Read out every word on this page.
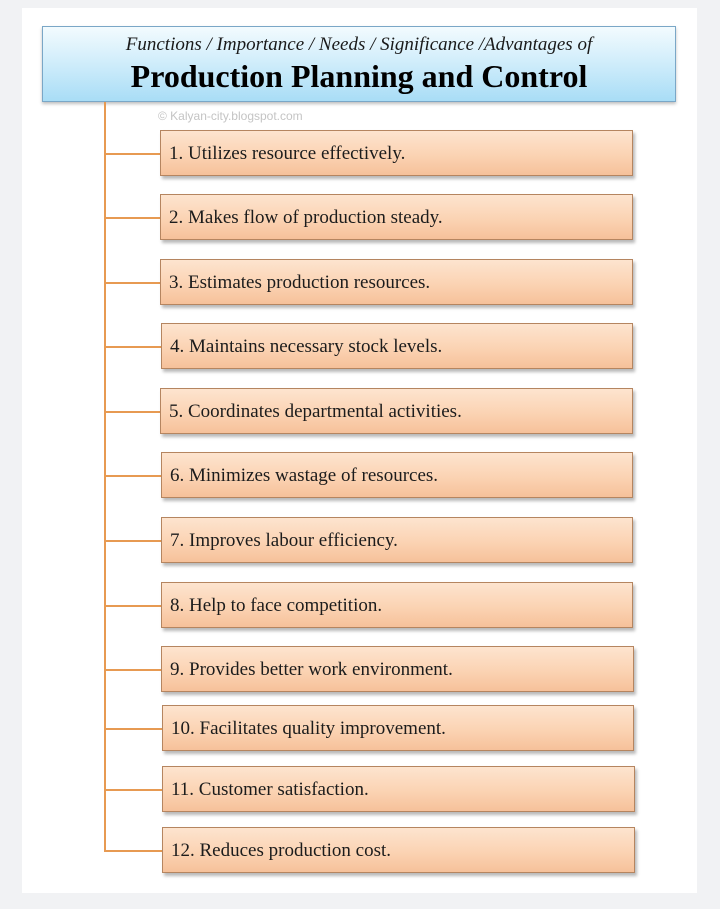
Functions / Importance / Needs / Significance /Advantages of
Production Planning and Control
© Kalyan-city.blogspot.com
1. Utilizes resource effectively.
2. Makes flow of production steady.
3. Estimates production resources.
4. Maintains necessary stock levels.
5. Coordinates departmental activities.
6. Minimizes wastage of resources.
7. Improves labour efficiency.
8. Help to face competition.
9. Provides better work environment.
10. Facilitates quality improvement.
11. Customer satisfaction.
12. Reduces production cost.
